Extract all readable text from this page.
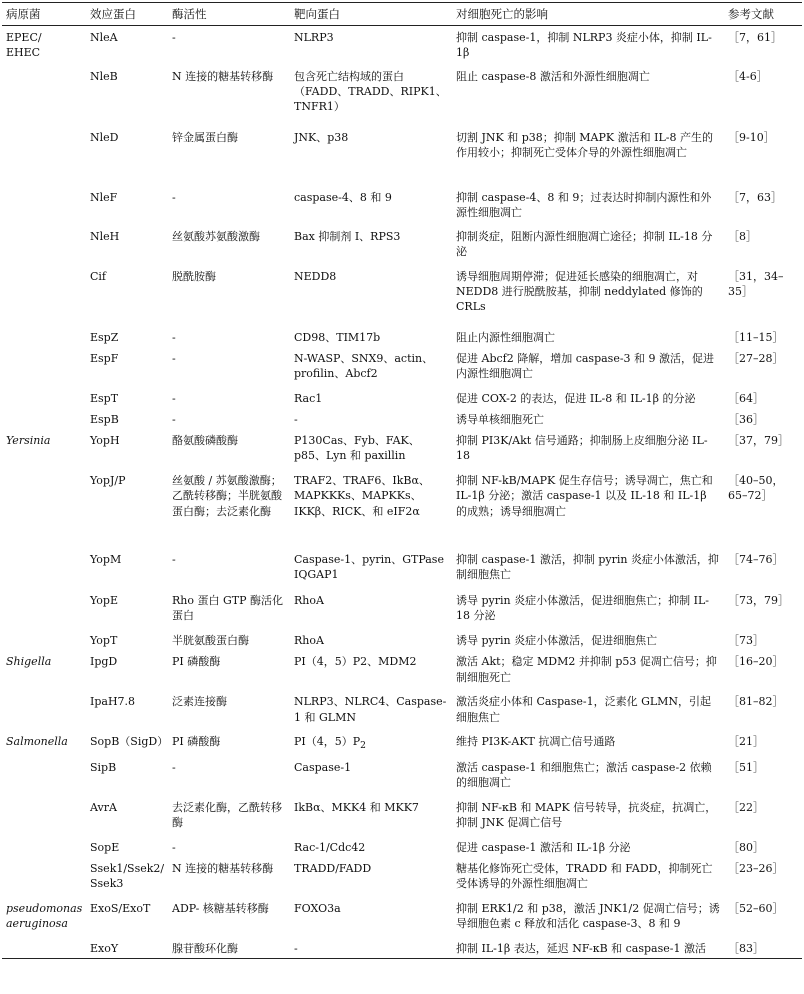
病原菌	效应蛋白	酶活性	靶向蛋白	对细胞死亡的影响	参考文献
EPEC/
EHEC	NleA	-	NLRP3	抑制 caspase-1，抑制 NLRP3 炎症小体，抑制 IL-1β	［7，61］
	NleB	N 连接的糖基转移酶	包含死亡结构域的蛋白（FADD、TRADD、RIPK1、TNFR1）	阻止 caspase-8 激活和外源性细胞凋亡	［4-6］
	NleD	锌金属蛋白酶	JNK、p38	切割 JNK 和 p38；抑制 MAPK 激活和 IL-8 产生的作用较小；抑制死亡受体介导的外源性细胞凋亡	［9-10］
	NleF	-	caspase-4、8 和 9	抑制 caspase-4、8 和 9；过表达时抑制内源性和外源性细胞凋亡	［7，63］
	NleH	丝氨酸苏氨酸激酶	Bax 抑制剂 I、RPS3	抑制炎症，阻断内源性细胞凋亡途径；抑制 IL-18 分泌	［8］
	Cif	脱酰胺酶	NEDD8	诱导细胞周期停滞；促进延长感染的细胞凋亡，对 NEDD8 进行脱酰胺基，抑制 neddylated 修饰的 CRLs	［31，34–35］
	EspZ	-	CD98、TIM17b	阻止内源性细胞凋亡	［11–15］
	EspF	-	N-WASP、SNX9、actin、profilin、Abcf2	促进 Abcf2 降解，增加 caspase-3 和 9 激活，促进内源性细胞凋亡	［27–28］
	EspT	-	Rac1	促进 COX-2 的表达，促进 IL-8 和 IL-1β 的分泌	［64］
	EspB	-	-	诱导单核细胞死亡	［36］
Yersinia	YopH	酪氨酸磷酸酶	P130Cas、Fyb、FAK、p85、Lyn 和 paxillin	抑制 PI3K/Akt 信号通路；抑制肠上皮细胞分泌 IL-18	［37，79］
	YopJ/P	丝氨酸 / 苏氨酸激酶；乙酰转移酶；半胱氨酸蛋白酶；去泛素化酶	TRAF2、TRAF6、IkBα、MAPKKKs、MAPKKs、IKKβ、RICK、和 eIF2α	抑制 NF-kB/MAPK 促生存信号；诱导凋亡，焦亡和 IL-1β 分泌；激活 caspase-1 以及 IL-18 和 IL-1β 的成熟；诱导细胞凋亡	［40–50，65–72］
	YopM	-	Caspase-1、pyrin、GTPase IQGAP1	抑制 caspase-1 激活，抑制 pyrin 炎症小体激活，抑制细胞焦亡	［74–76］
	YopE	Rho 蛋白 GTP 酶活化蛋白	RhoA	诱导 pyrin 炎症小体激活，促进细胞焦亡；抑制 IL-18 分泌	［73，79］
	YopT	半胱氨酸蛋白酶	RhoA	诱导 pyrin 炎症小体激活，促进细胞焦亡	［73］
Shigella	IpgD	PI 磷酸酶	PI（4，5）P2、MDM2	激活 Akt；稳定 MDM2 并抑制 p53 促凋亡信号；抑制细胞死亡	［16–20］
	IpaH7.8	泛素连接酶	NLRP3、NLRC4、Caspase-1 和 GLMN	激活炎症小体和 Caspase-1，泛素化 GLMN，引起细胞焦亡	［81–82］
Salmonella	SopB（SigD）	PI 磷酸酶	PI（4，$5)P_2$	维持 PI3K-AKT 抗凋亡信号通路	［21］
	SipB	-	Caspase-1	激活 caspase-1 和细胞焦亡；激活 caspase-2 依赖的细胞凋亡	［51］
	AvrA	去泛素化酶，乙酰转移酶	IkBα、MKK4 和 MKK7	抑制 NF-κB 和 MAPK 信号转导，抗炎症，抗凋亡，抑制 JNK 促凋亡信号	［22］
	SopE	-	Rac-1/Cdc42	促进 caspase-1 激活和 IL-1β 分泌	［80］
	Ssek1/Ssek2/
Ssek3	N 连接的糖基转移酶	TRADD/FADD	糖基化修饰死亡受体，TRADD 和 FADD，抑制死亡受体诱导的外源性细胞凋亡	［23–26］
pseudomonas aeruginosa	ExoS/ExoT	ADP- 核糖基转移酶	FOXO3a	抑制 ERK1/2 和 p38，激活 JNK1/2 促凋亡信号；诱导细胞色素 c 释放和活化 caspase-3、8 和 9	［52–60］
	ExoY	腺苷酸环化酶	-	抑制 IL-1β 表达，延迟 NF-κB 和 caspase-1 激活	［83］
